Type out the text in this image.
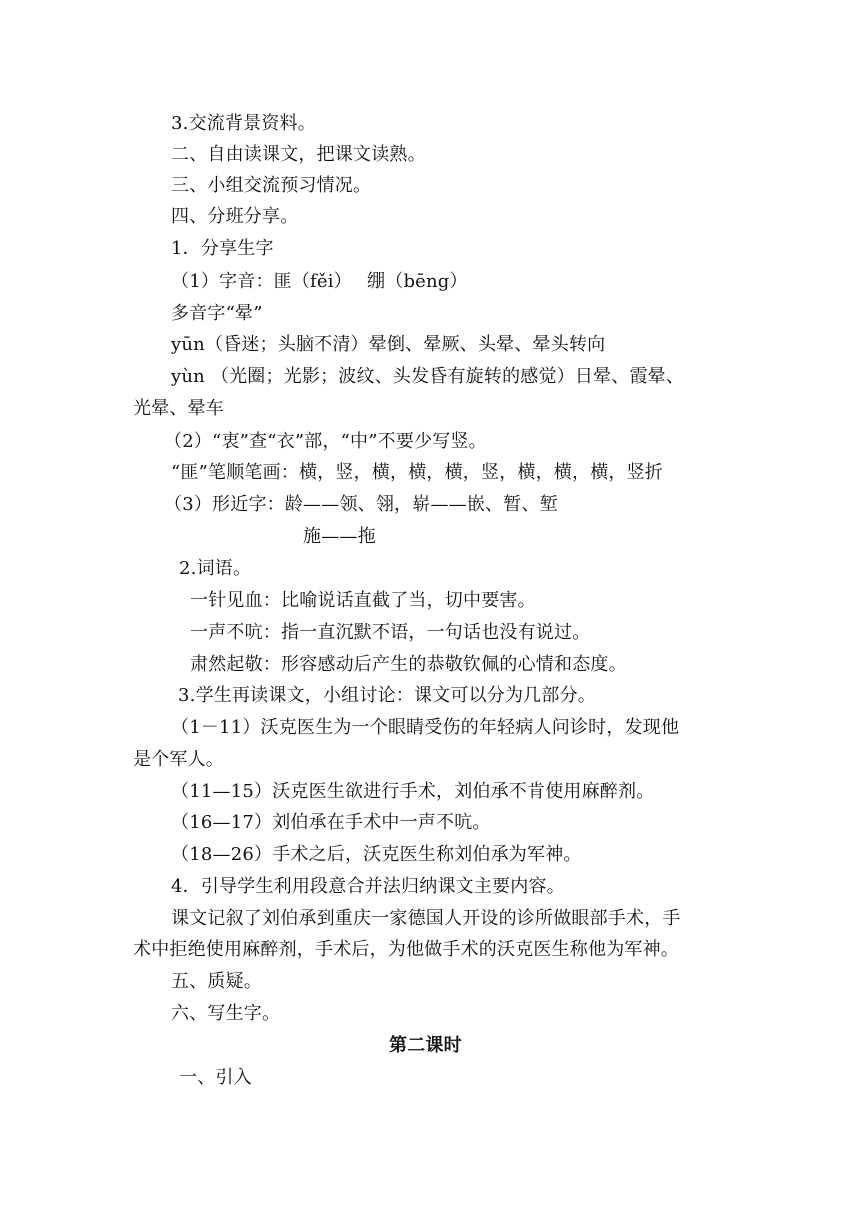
3.交流背景资料。
二、自由读课文，把课文读熟。
三、小组交流预习情况。
四、分班分享。
1．分享生字
（1）字音：匪（fěi）　 绷（bēng）
多音字“晕”
yūn（昏迷；头脑不清）晕倒、晕厥、头晕、晕头转向
yùn （光圈；光影；波纹、头发昏有旋转的感觉）日晕、霞晕、
光晕、晕车
（2）“衷”查“衣”部，“中”不要少写竖。
“匪”笔顺笔画：横，竖，横，横，横，竖，横，横，横，竖折
（3）形近字：龄——领、翎，崭——嵌、暂、堑
施——拖
2.词语。
一针见血：比喻说话直截了当，切中要害。
一声不吭：指一直沉默不语，一句话也没有说过。
肃然起敬：形容感动后产生的恭敬钦佩的心情和态度。
3.学生再读课文，小组讨论：课文可以分为几部分。
（1－11）沃克医生为一个眼睛受伤的年轻病人问诊时，发现他
是个军人。
（11—15）沃克医生欲进行手术，刘伯承不肯使用麻醉剂。
（16—17）刘伯承在手术中一声不吭。
（18—26）手术之后，沃克医生称刘伯承为军神。
4．引导学生利用段意合并法归纳课文主要内容。
课文记叙了刘伯承到重庆一家德国人开设的诊所做眼部手术，手
术中拒绝使用麻醉剂，手术后，为他做手术的沃克医生称他为军神。
五、质疑。
六、写生字。
第二课时
一、引入
